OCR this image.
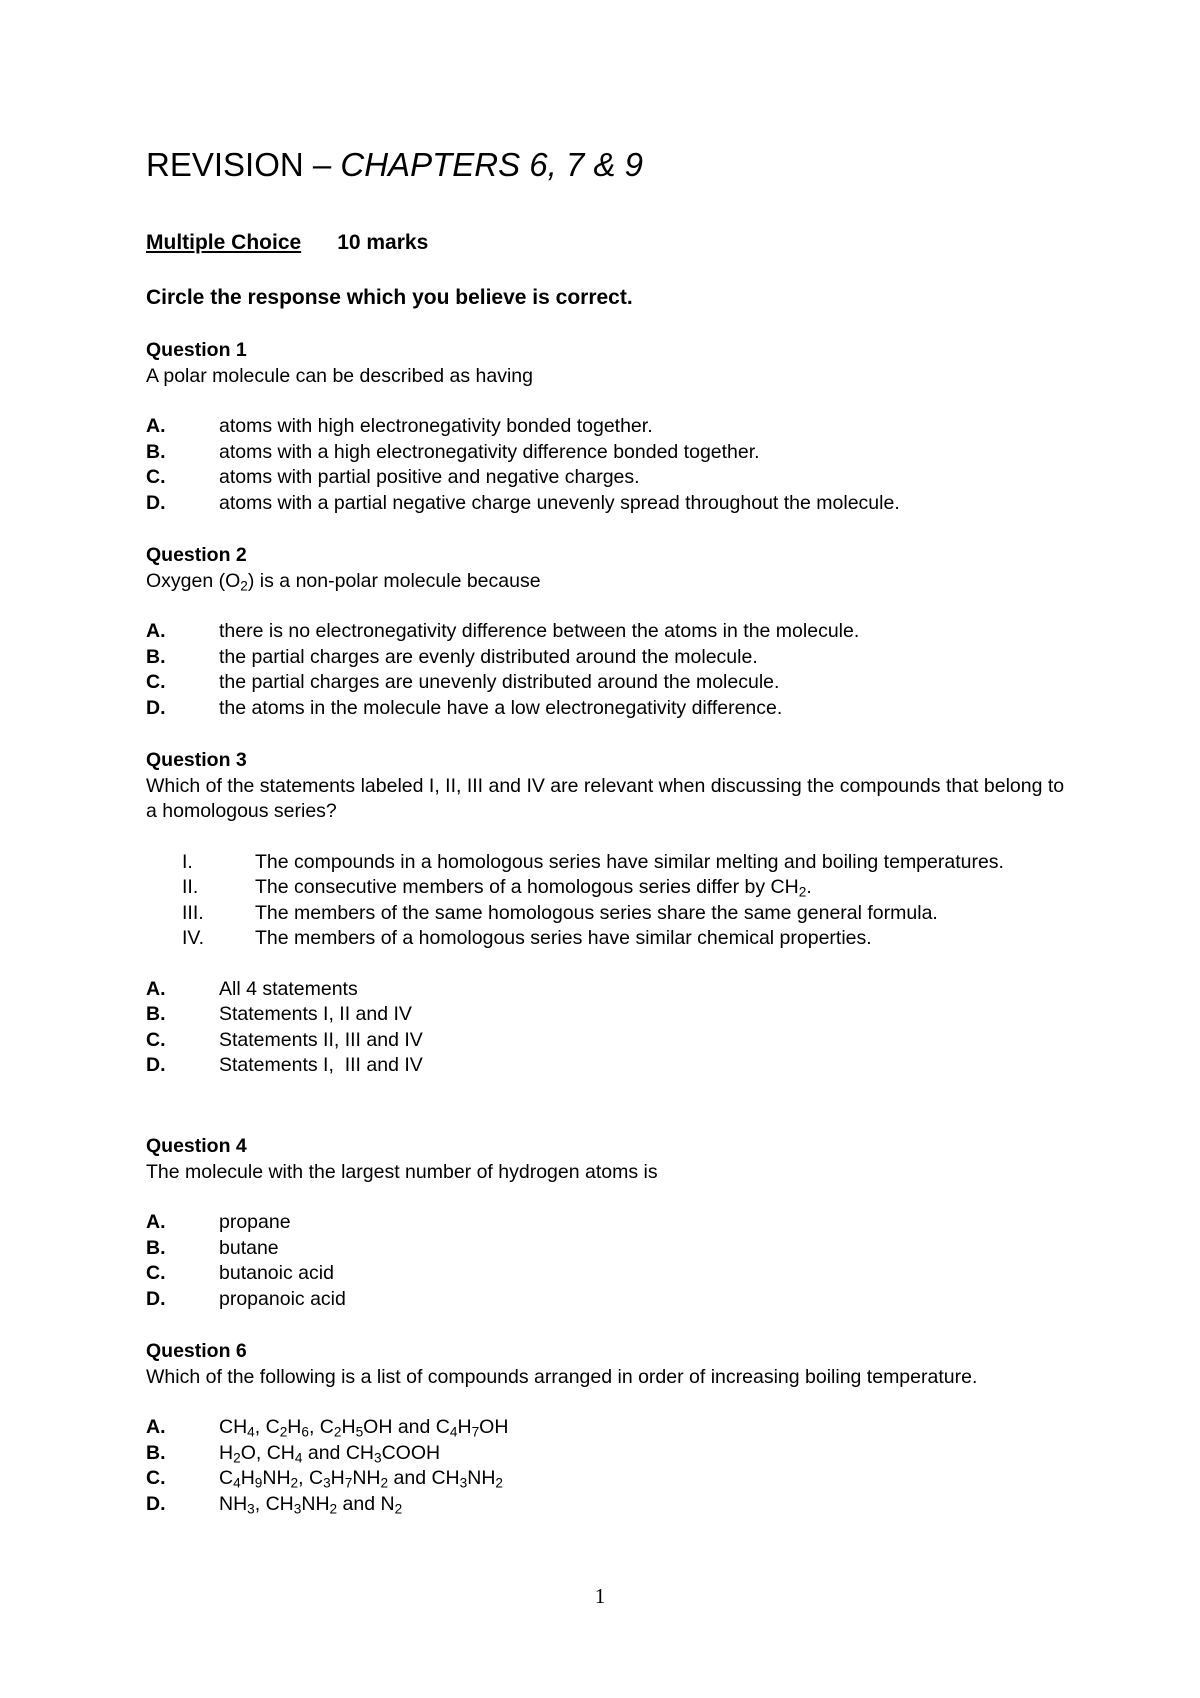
REVISION – CHAPTERS 6, 7 & 9
Multiple Choice 10 marks
Circle the response which you believe is correct.
Question 1
A polar molecule can be described as having
A.	atoms with high electronegativity bonded together.
B.	atoms with a high electronegativity difference bonded together.
C.	atoms with partial positive and negative charges.
D.	atoms with a partial negative charge unevenly spread throughout the molecule.
Question 2
Oxygen $(O_2)$ is a non-polar molecule because
A.	there is no electronegativity difference between the atoms in the molecule.
B.	the partial charges are evenly distributed around the molecule.
C.	the partial charges are unevenly distributed around the molecule.
D.	the atoms in the molecule have a low electronegativity difference.
Question 3
Which of the statements labeled I, II, III and IV are relevant when discussing the compounds that belong to a homologous series?
I.	The compounds in a homologous series have similar melting and boiling temperatures.
II.	The consecutive members of a homologous series differ by $CH_2$.
III.	The members of the same homologous series share the same general formula.
IV.	The members of a homologous series have similar chemical properties.
A.	All 4 statements
B.	Statements I, II and IV
C.	Statements II, III and IV
D.	Statements I,  III and IV
Question 4
The molecule with the largest number of hydrogen atoms is
A.	propane
B.	butane
C.	butanoic acid
D.	propanoic acid
Question 6
Which of the following is a list of compounds arranged in order of increasing boiling temperature.
A.	$CH_4$, $C_2H_6$, $C_2H_5OH$ and $C_4H_7OH$
B.	$H_2O$, $CH_4$ and $CH_3COOH$
C.	$C_4H_9NH_2$, $C_3H_7NH_2$ and $CH_3NH_2$
D.	$NH_3$, $CH_3NH_2$ and $N_2$
1
